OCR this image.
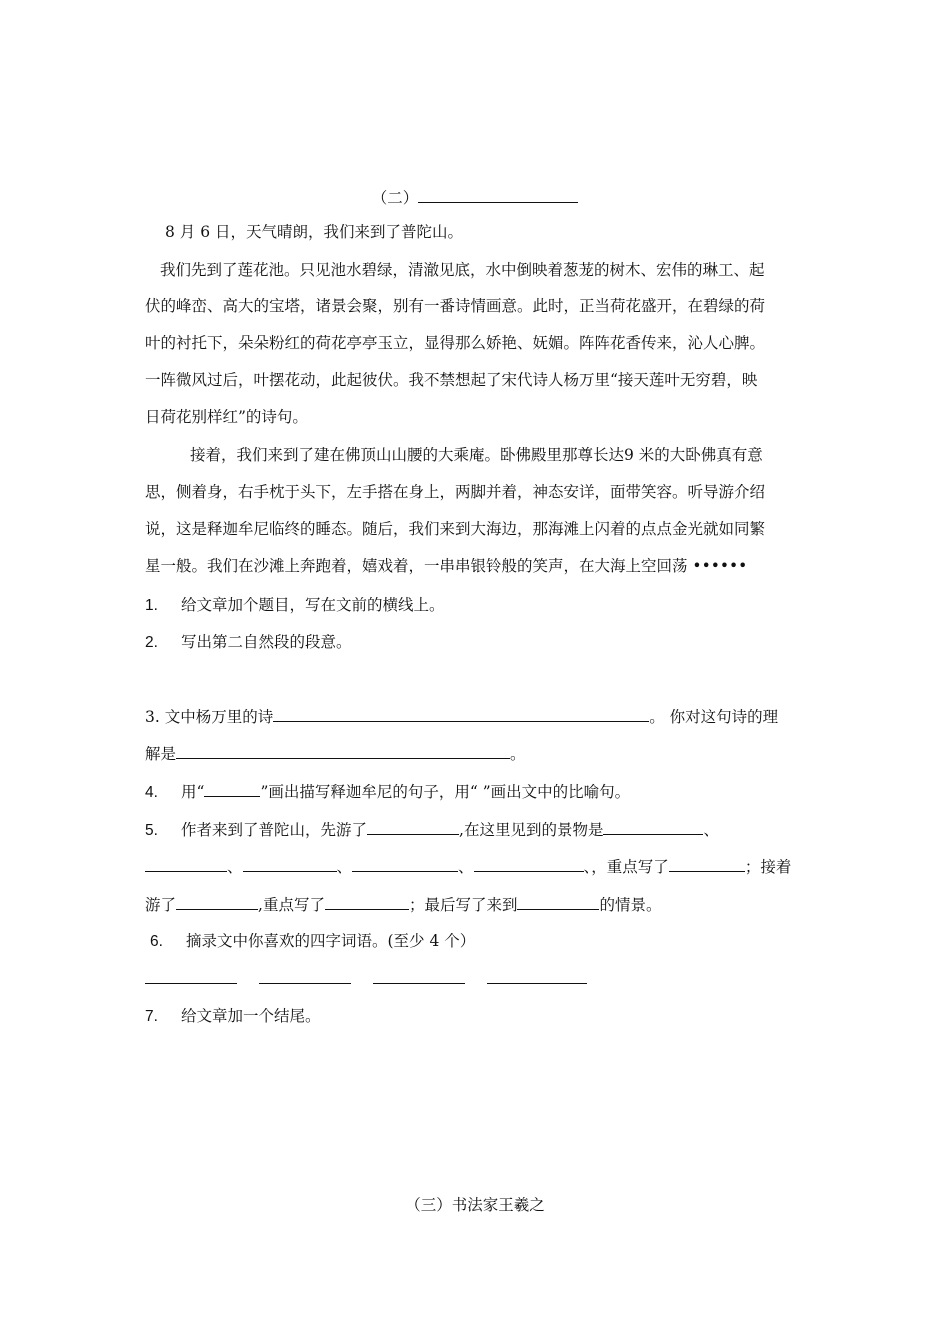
（二）
8 月 6 日，天气晴朗，我们来到了普陀山。
我们先到了莲花池。只见池水碧绿，清澈见底，水中倒映着葱茏的树木、宏伟的琳工、起
伏的峰峦、高大的宝塔，诸景会聚，别有一番诗情画意。此时，正当荷花盛开，在碧绿的荷
叶的衬托下，朵朵粉红的荷花亭亭玉立，显得那么娇艳、妩媚。阵阵花香传来，沁人心脾。
一阵微风过后，叶摆花动，此起彼伏。我不禁想起了宋代诗人杨万里“接天莲叶无穷碧，映
日荷花别样红”的诗句。
接着，我们来到了建在佛顶山山腰的大乘庵。卧佛殿里那尊长达9 米的大卧佛真有意
思，侧着身，右手枕于头下，左手搭在身上，两脚并着，神态安详，面带笑容。听导游介绍
说，这是释迦牟尼临终的睡态。随后，我们来到大海边，那海滩上闪着的点点金光就如同繁
星一般。我们在沙滩上奔跑着，嬉戏着，一串串银铃般的笑声，在大海上空回荡 ••••••
1. 给文章加个题目，写在文前的横线上。
2. 写出第二自然段的段意。
3. 文中杨万里的诗	。 你对这句诗的理
解是	。
4. 用“	”画出描写释迦牟尼的句子，用“ ”画出文中的比喻句。
5. 作者来到了普陀山，先游了	,在这里见到的景物是	、
、	、	、	、，重点写了	；接着
游了	,重点写了	；最后写了来到	的情景。
6. 摘录文中你喜欢的四字词语。(至少 4 个）
7. 给文章加一个结尾。
（三）书法家王羲之
